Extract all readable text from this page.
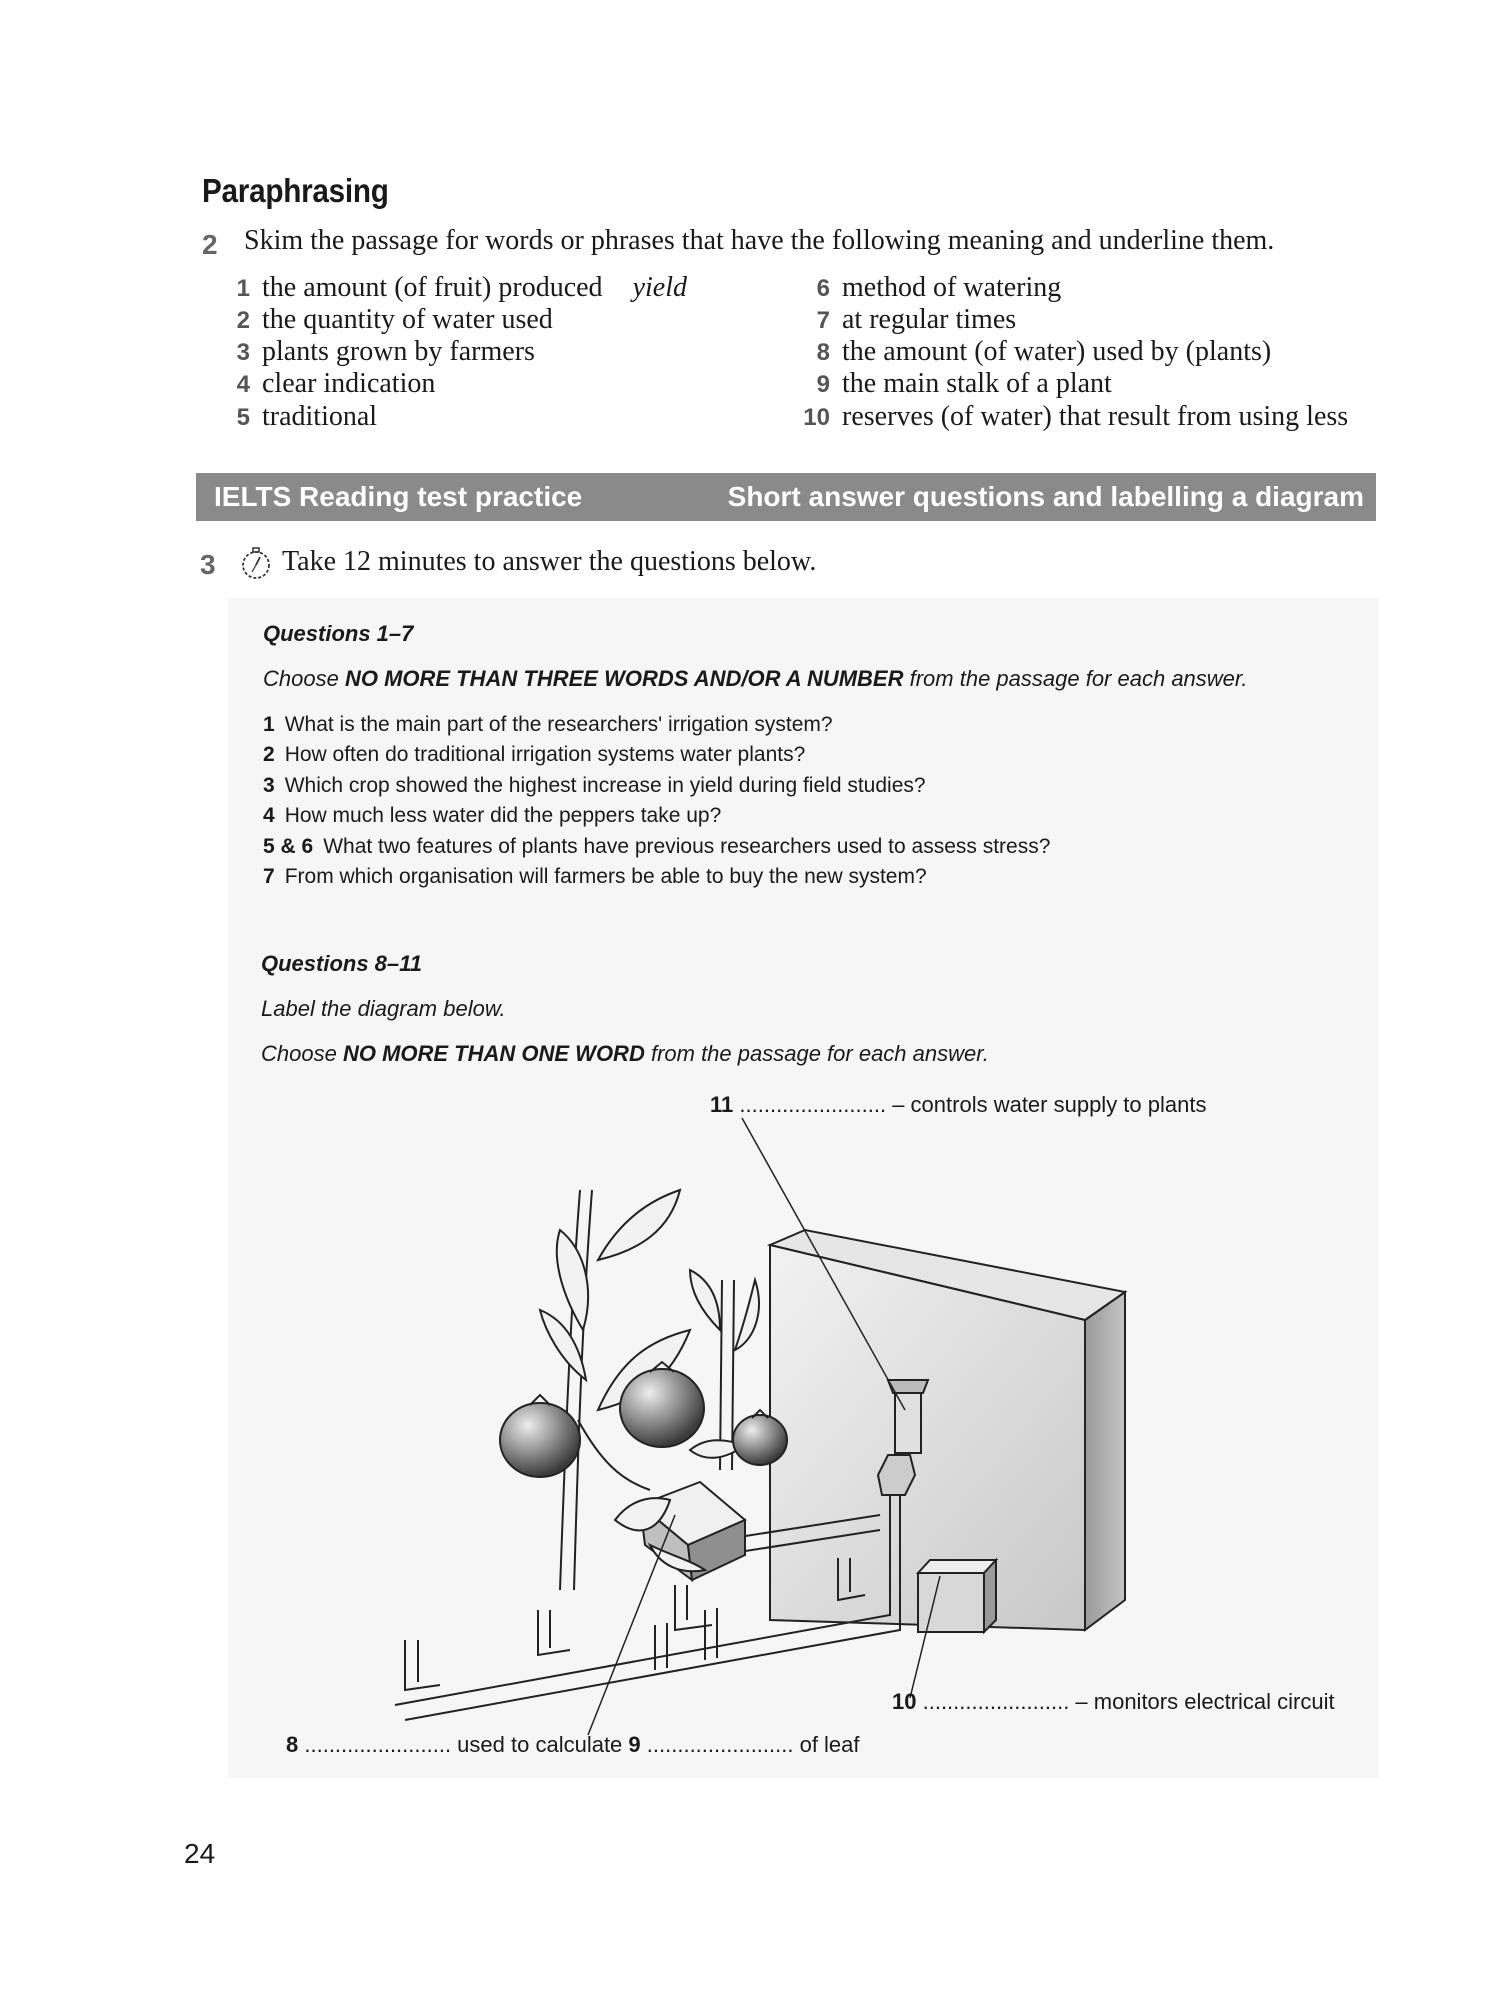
Paraphrasing
2 Skim the passage for words or phrases that have the following meaning and underline them.
1 the amount (of fruit) produced yield
2 the quantity of water used
3 plants grown by farmers
4 clear indication
5 traditional
6 method of watering
7 at regular times
8 the amount (of water) used by (plants)
9 the main stalk of a plant
10 reserves (of water) that result from using less
IELTS Reading test practice	Short answer questions and labelling a diagram
3 Take 12 minutes to answer the questions below.
Questions 1–7
Choose NO MORE THAN THREE WORDS AND/OR A NUMBER from the passage for each answer.
1 What is the main part of the researchers' irrigation system?
2 How often do traditional irrigation systems water plants?
3 Which crop showed the highest increase in yield during field studies?
4 How much less water did the peppers take up?
5 & 6 What two features of plants have previous researchers used to assess stress?
7 From which organisation will farmers be able to buy the new system?
Questions 8–11
Label the diagram below.
Choose NO MORE THAN ONE WORD from the passage for each answer.
11 ........................ – controls water supply to plants
10 ........................ – monitors electrical circuit
8 ........................ used to calculate 9 ........................ of leaf
24
